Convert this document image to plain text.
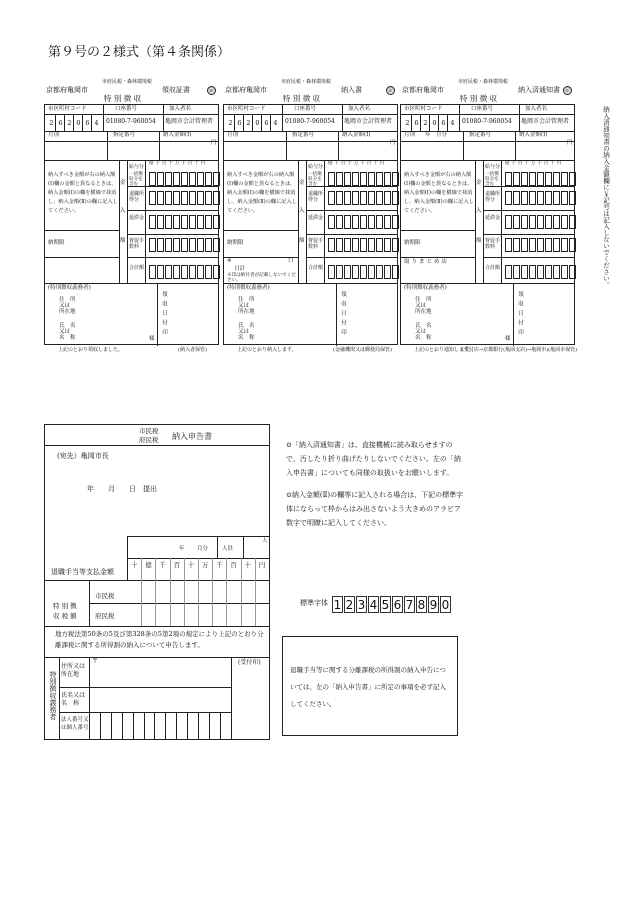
第９号の２様式（第４条関係）
市府民税・森林環境税
京都府亀岡市
特 別 徴 収
領収証書	㊞
上記のとおり領収しました。	(納入者保管)
市府民税・森林環境税
京都府亀岡市
特 別 徴 収
納入書	㊞
上記のとおり納入します。	(金融機関又は郵便局保管)
市府民税・森林環境税
京都府亀岡市
特 別 徴 収
納入済通知書 ㊞
上記のとおり通知します。
(受付店→京都銀行(亀岡支店)→亀岡市)(亀岡市保管)
市区町村コード	口座番号	加入者名
2 6 2 0 6 4	01080-7-960054 亀岡市会計管理者
月別	指定番号	納入金額(Ⅰ)
円
納入すべき金額が右の納入額(Ⅰ)欄の金額と異なるときは、納入金額(Ⅰ)の欄を横線で抹消し、納入金額(Ⅱ)の欄に記入してください。
納期限
金
入
額
給与分
一括徴収分を含む
退職所得分
延滞金
督促手数料
合計額
億 千 百 十 万 千 百 十 円
(特別徴収義務者)
住　所
又は
所在地
氏　名
又は
名　称	様
領収日付印
市区町村コード	口座番号	加入者名
2 6 2 0 6 4	01080-7-960054 亀岡市会計管理者
月別	指定番号	納入金額(Ⅰ)
円
納入すべき金額が右の納入額(Ⅰ)欄の金額と異なるときは、納入金額(Ⅰ)の欄を横線で抹消し、納入金額(Ⅱ)の欄に記入してください。
納期限
※	口
日計
※印は納付者が記載しないでください。
金
入
額
給与分
一括徴収分を含む
退職所得分
延滞金
督促手数料
合計額
億 千 百 十 万 千 百 十 円
(特別徴収義務者)
住　所
又は
所在地
氏　名
又は
名　称	領収日付印
市区町村コード	口座番号	加入者名
2 6 2 0 6 4	01080-7-960054 亀岡市会計管理者
月別 年　月分	指定番号	納入金額(Ⅰ)
円
納入すべき金額が右の納入額(Ⅰ)欄の金額と異なるときは、納入金額(Ⅰ)の欄を横線で抹消し、納入金額(Ⅱ)の欄に記入してください。
納期限
取りまとめ店
金
入
額
給与分
一括徴収分を含む
退職所得分
延滞金
督促手数料
合計額
億 千 百 十 万 千 百 十 円
(特別徴収義務者)
住　所
又は
所在地
氏　名
又は
名　称	様
領収日付印
納入済通知書の納入金額欄に￥記号は記入しないでください。
市民税
府民税 納入申告書
(宛先）亀岡市長
年　　月　　日　提出
年 月分	人員
人
退職手当等支払金額
特 別 徴
収 税 額
市民税
府民税
地方税法第50条の5及び第328条の5第2項の規定により上記のとおり分離課税に関する所得割の納入について申告します。
特別徴収義務者
住所又は所在地
〒	(受付印)
氏名又は名　称
法人番号又は個人番号
十 億 千 百 十 万 千 百 十 円
⊙「納入済通知書」は、直接機械に読み取らせますので、汚したり折り曲げたりしないでください。左の「納入申告書」についても同様の取扱いをお願いします。
⊙納入金額(Ⅱ)の欄等に記入される場合は、下記の標準字体にならって枠からはみ出さないよう大きめのアラビア数字で明瞭に記入してください。
標準字体 1 2 3 4 5 6 7 8 9 0
退職手当等に関する分離課税の所得割の納入申告については、左の「納入申告書」に所定の事項を必ず記入してください。
